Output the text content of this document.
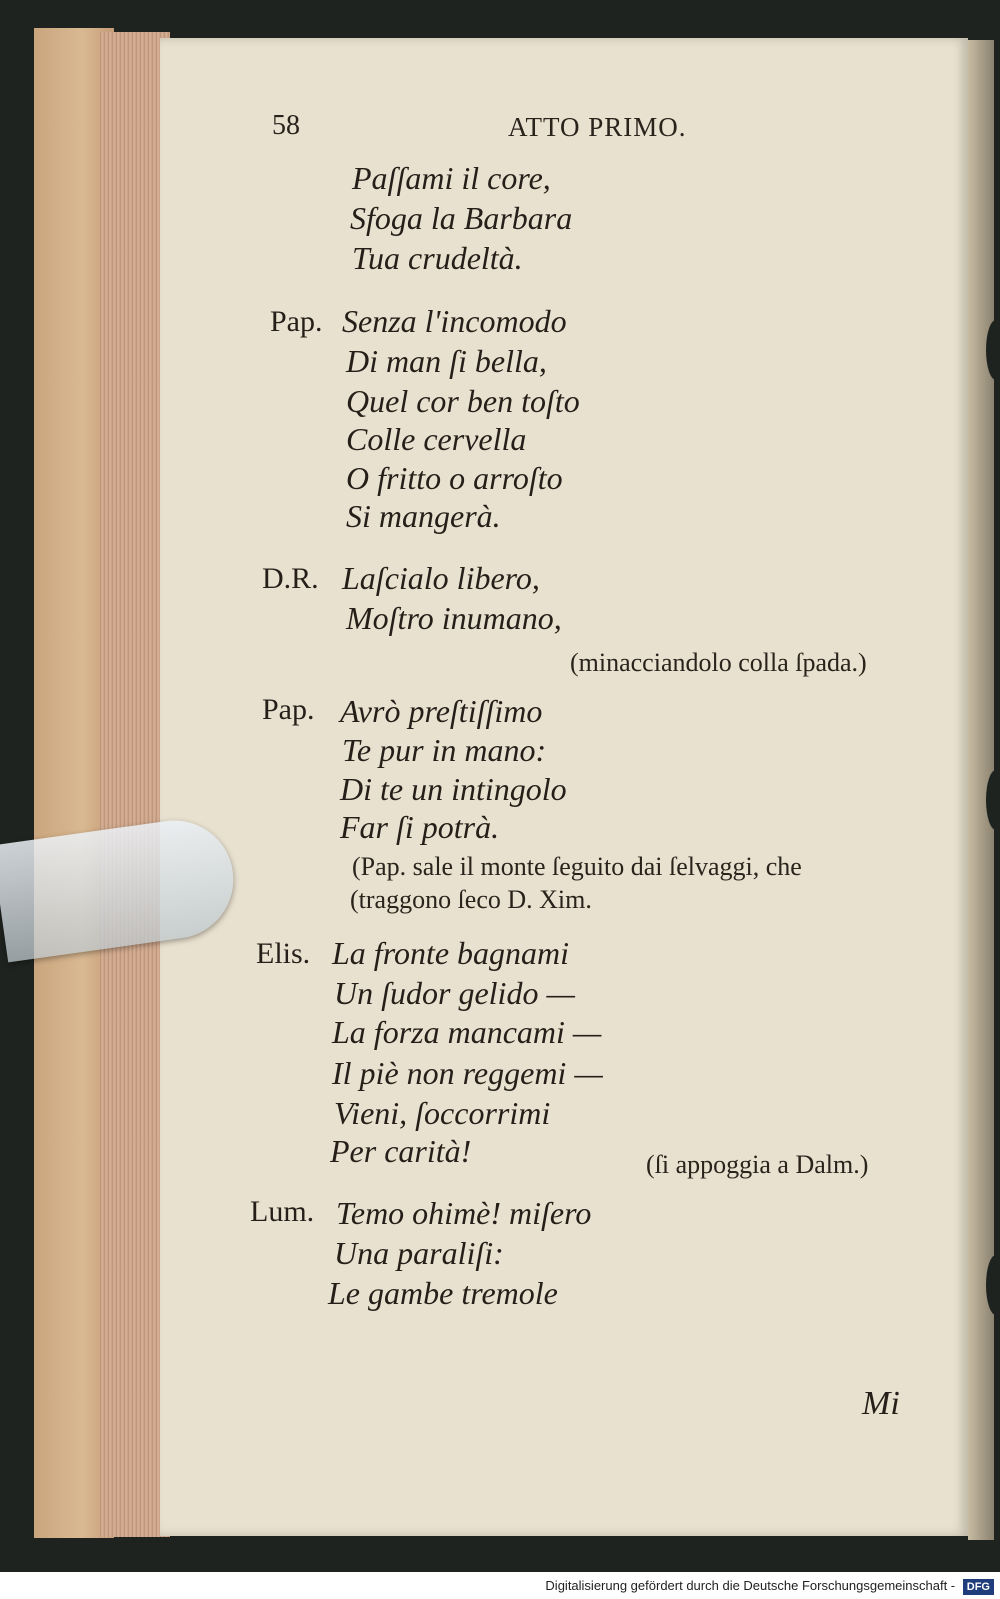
58	ATTO PRIMO.
Paſſami il core,
Sfoga la Barbara
Tua crudeltà.
Pap. Senza l'incomodo
Di man ſi bella,
Quel cor ben toſto
Colle cervella
O fritto o arroſto
Si mangerà.
D.R. Laſcialo libero,
Moſtro inumano,
(minacciandolo colla ſpada.)
Pap. Avrò preſtiſſimo
Te pur in mano:
Di te un intingolo
Far ſi potrà.
(Pap. sale il monte ſeguito dai ſelvaggi, che
(traggono ſeco D. Xim.
Elis. La fronte bagnami
Un ſudor gelido —
La forza mancami —
Il piè non reggemi —
Vieni, ſoccorrimi
Per carità!	(ſi appoggia a Dalm.)
Lum. Temo ohimè! miſero
Una paraliſi:
Le gambe tremole
Mi
Digitalisierung gefördert durch die Deutsche Forschungsgemeinschaft - DFG
